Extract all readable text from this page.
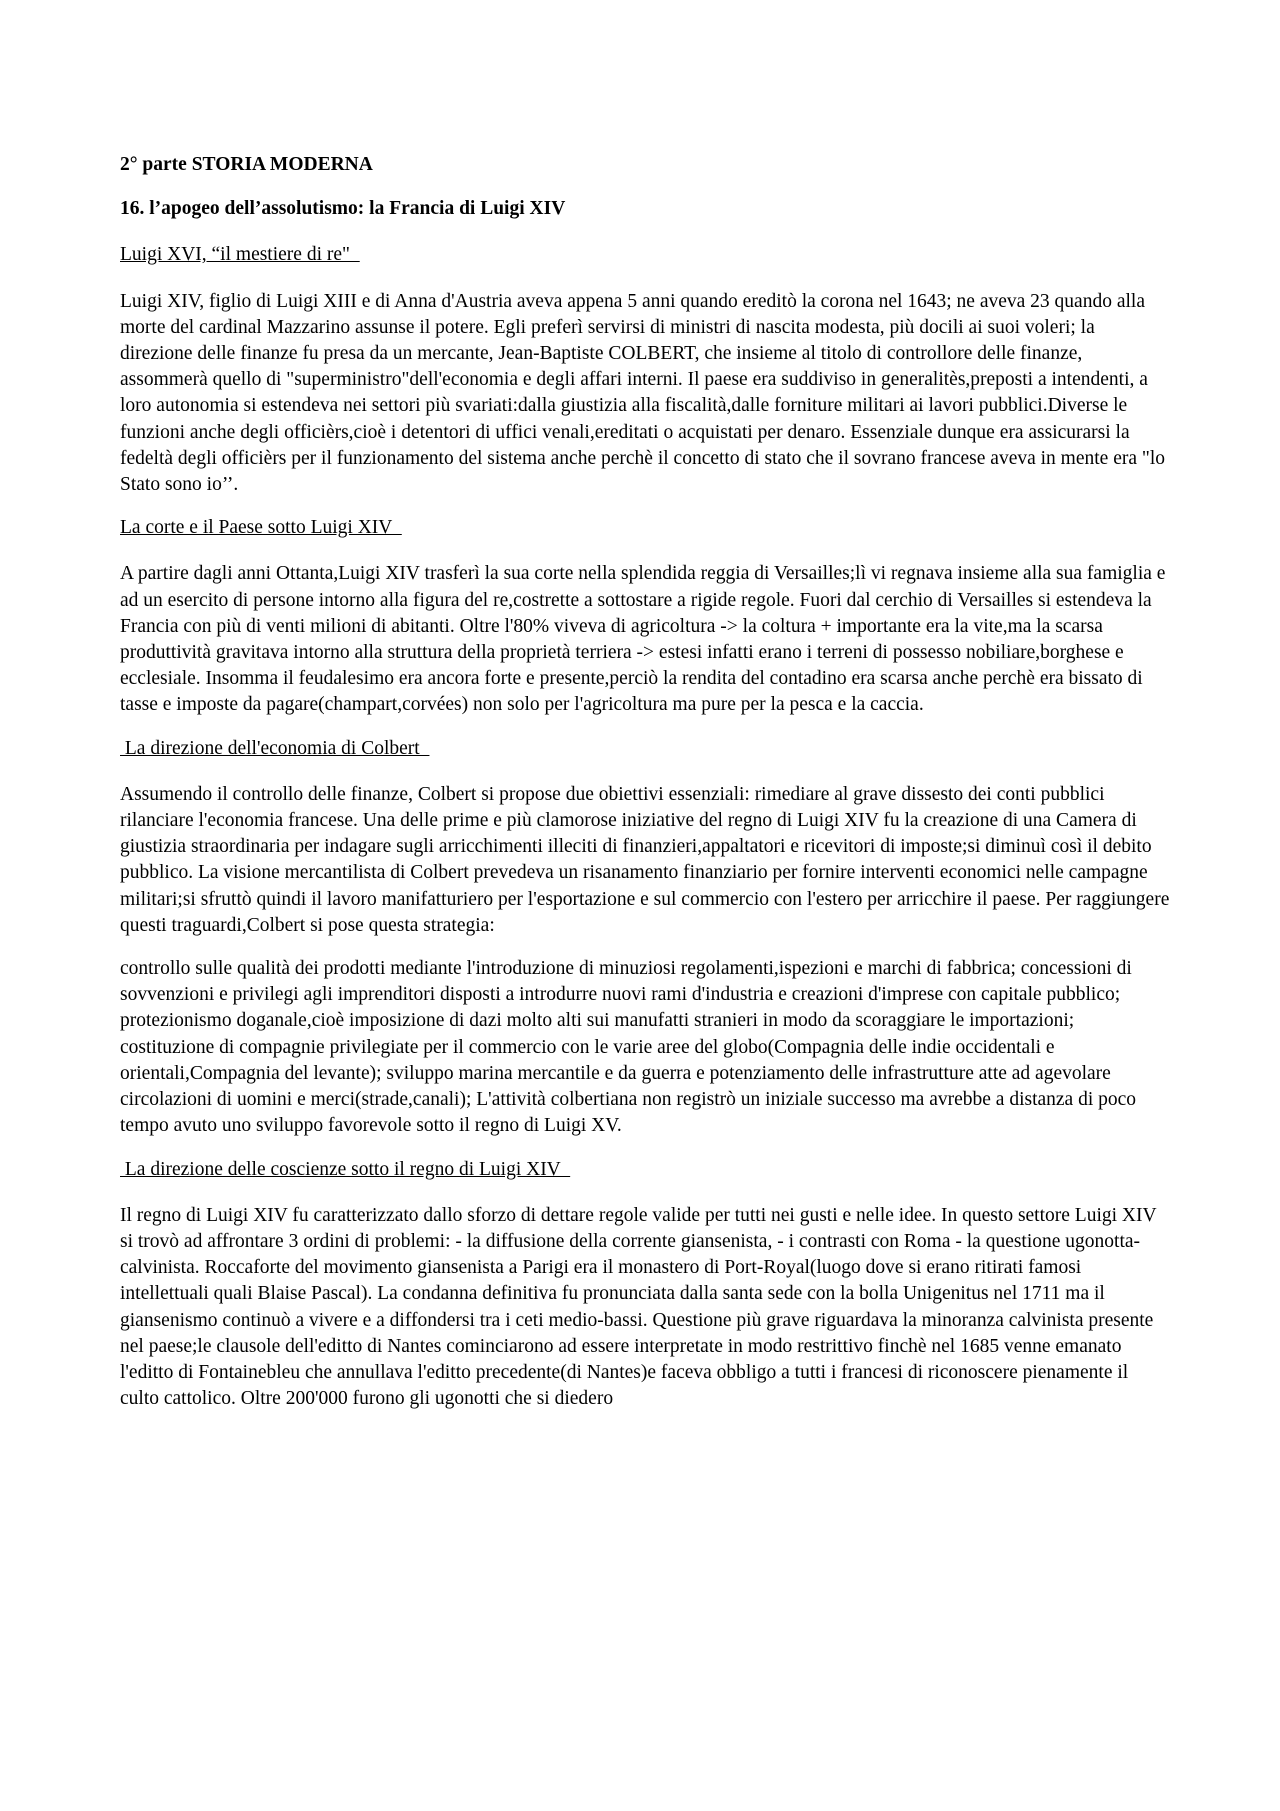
2° parte STORIA MODERNA

16. l’apogeo dell’assolutismo: la Francia di Luigi XIV

Luigi XVI, “il mestiere di re"

Luigi XIV, figlio di Luigi XIII e di Anna d'Austria aveva appena 5 anni quando ereditò la corona nel 1643; ne aveva 23 quando alla morte del cardinal Mazzarino assunse il potere. Egli preferì servirsi di ministri di nascita modesta, più docili ai suoi voleri; la direzione delle finanze fu presa da un mercante, Jean-Baptiste COLBERT, che insieme al titolo di controllore delle finanze, assommerà quello di "superministro"dell'economia e degli affari interni. Il paese era suddiviso in generalitès,preposti a intendenti, a loro autonomia si estendeva nei settori più svariati:dalla giustizia alla fiscalità,dalle forniture militari ai lavori pubblici.Diverse le funzioni anche degli officièrs,cioè i detentori di uffici venali,ereditati o acquistati per denaro. Essenziale dunque era assicurarsi la fedeltà degli officièrs per il funzionamento del sistema anche perchè il concetto di stato che il sovrano francese aveva in mente era "lo Stato sono io’’.

La corte e il Paese sotto Luigi XIV

A partire dagli anni Ottanta,Luigi XIV trasferì la sua corte nella splendida reggia di Versailles;lì vi regnava insieme alla sua famiglia e ad un esercito di persone intorno alla figura del re,costrette a sottostare a rigide regole. Fuori dal cerchio di Versailles si estendeva la Francia con più di venti milioni di abitanti. Oltre l'80% viveva di agricoltura -> la coltura + importante era la vite,ma la scarsa produttività gravitava intorno alla struttura della proprietà terriera -> estesi infatti erano i terreni di possesso nobiliare,borghese e ecclesiale. Insomma il feudalesimo era ancora forte e presente,perciò la rendita del contadino era scarsa anche perchè era bissato di tasse e imposte da pagare(champart,corvées) non solo per l'agricoltura ma pure per la pesca e la caccia.

La direzione dell'economia di Colbert

Assumendo il controllo delle finanze, Colbert si propose due obiettivi essenziali: rimediare al grave dissesto dei conti pubblici rilanciare l'economia francese. Una delle prime e più clamorose iniziative del regno di Luigi XIV fu la creazione di una Camera di giustizia straordinaria per indagare sugli arricchimenti illeciti di finanzieri,appaltatori e ricevitori di imposte;si diminuì così il debito pubblico. La visione mercantilista di Colbert prevedeva un risanamento finanziario per fornire interventi economici nelle campagne militari;si sfruttò quindi il lavoro manifatturiero per l'esportazione e sul commercio con l'estero per arricchire il paese. Per raggiungere questi traguardi,Colbert si pose questa strategia:

controllo sulle qualità dei prodotti mediante l'introduzione di minuziosi regolamenti,ispezioni e marchi di fabbrica; concessioni di sovvenzioni e privilegi agli imprenditori disposti a introdurre nuovi rami d'industria e creazioni d'imprese con capitale pubblico; protezionismo doganale,cioè imposizione di dazi molto alti sui manufatti stranieri in modo da scoraggiare le importazioni; costituzione di compagnie privilegiate per il commercio con le varie aree del globo(Compagnia delle indie occidentali e orientali,Compagnia del levante); sviluppo marina mercantile e da guerra e potenziamento delle infrastrutture atte ad agevolare circolazioni di uomini e merci(strade,canali); L'attività colbertiana non registrò un iniziale successo ma avrebbe a distanza di poco tempo avuto uno sviluppo favorevole sotto il regno di Luigi XV.

La direzione delle coscienze sotto il regno di Luigi XIV

Il regno di Luigi XIV fu caratterizzato dallo sforzo di dettare regole valide per tutti nei gusti e nelle idee. In questo settore Luigi XIV si trovò ad affrontare 3 ordini di problemi: - la diffusione della corrente giansenista, - i contrasti con Roma - la questione ugonotta-calvinista. Roccaforte del movimento giansenista a Parigi era il monastero di Port-Royal(luogo dove si erano ritirati famosi intellettuali quali Blaise Pascal). La condanna definitiva fu pronunciata dalla santa sede con la bolla Unigenitus nel 1711 ma il giansenismo continuò a vivere e a diffondersi tra i ceti medio-bassi. Questione più grave riguardava la minoranza calvinista presente nel paese;le clausole dell'editto di Nantes cominciarono ad essere interpretate in modo restrittivo finchè nel 1685 venne emanato l'editto di Fontainebleu che annullava l'editto precedente(di Nantes)e faceva obbligo a tutti i francesi di riconoscere pienamente il culto cattolico. Oltre 200'000 furono gli ugonotti che si diedero
